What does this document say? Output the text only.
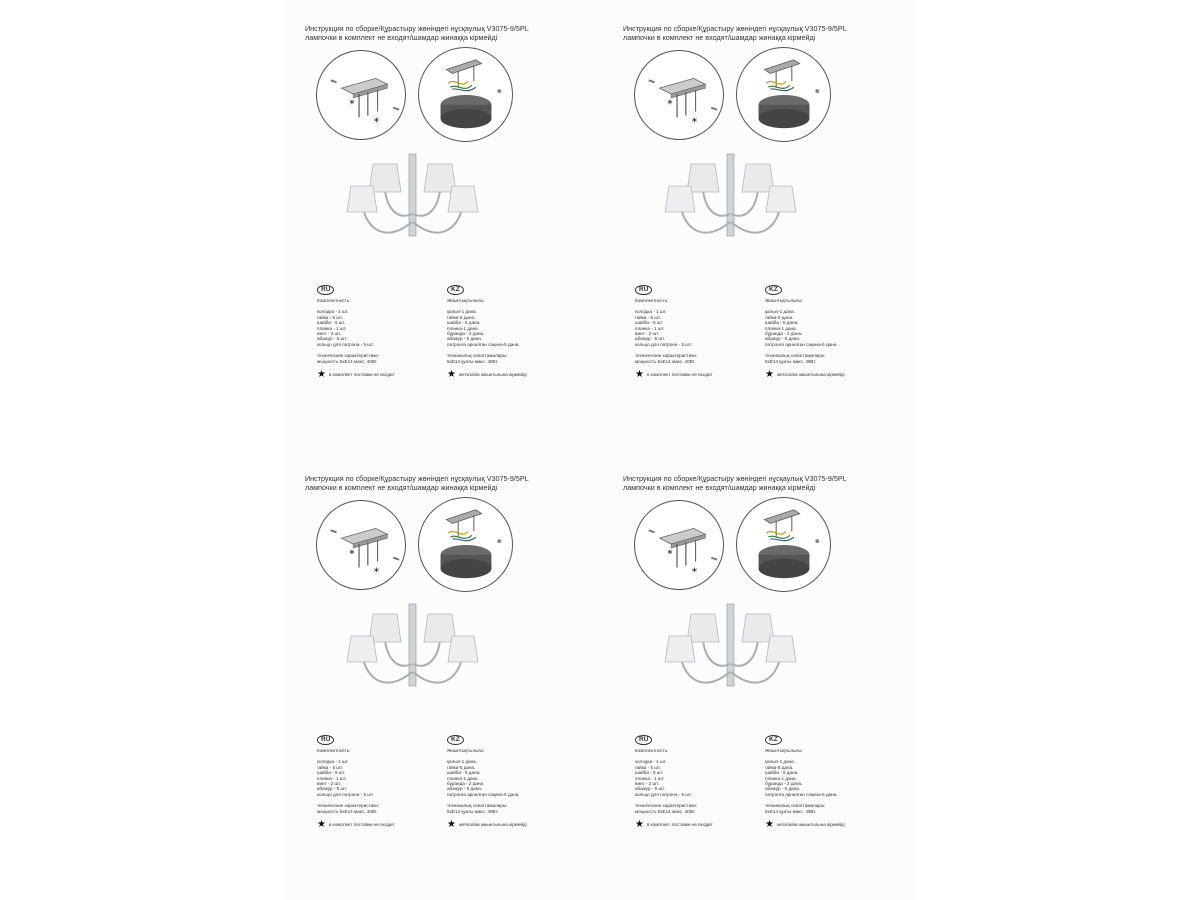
Инструкция по сборке/Құрастыру жөніндегі нұсқаулық V3075-9/5PL
лампочки в комплект не входят/шамдар жинаққа кірмейді
*
*
RU
Комплектность:
колодка - 1 шт.
гайка - 5 шт.
шайба - 5 шт.
планка - 1 шт.
винт - 2 шт.
абажур - 5 шт.
кольцо для патрона - 5 шт.
технические характеристики:
мощность 5хЕ14 макс. 40Вт.
★ в комплект поставки не входит
KZ
Жиынтықтылығы:
қалып-1 дана.
гайка-5 дана.
шайба - 5 дана.
планка-1 дана.
бұранда - 2 дана.
абажур - 5 дана.
патронға арналған сақина-5 дана.
техникалық сипаттамалары:
5хЕ14 қуаты макс. 40Вт.
★ жеткізілім жиынтығына кірмейді
Инструкция по сборке/Құрастыру жөніндегі нұсқаулық V3075-9/5PL
лампочки в комплект не входят/шамдар жинаққа кірмейді
*
*
RU
Комплектность:
колодка - 1 шт.
гайка - 5 шт.
шайба - 5 шт.
планка - 1 шт.
винт - 2 шт.
абажур - 5 шт.
кольцо для патрона - 5 шт.
технические характеристики:
мощность 5хЕ14 макс. 40Вт.
★ в комплект поставки не входит
KZ
Жиынтықтылығы:
қалып-1 дана.
гайка-5 дана.
шайба - 5 дана.
планка-1 дана.
бұранда - 2 дана.
абажур - 5 дана.
патронға арналған сақина-5 дана.
техникалық сипаттамалары:
5хЕ14 қуаты макс. 40Вт.
★ жеткізілім жиынтығына кірмейді
Инструкция по сборке/Құрастыру жөніндегі нұсқаулық V3075-9/5PL
лампочки в комплект не входят/шамдар жинаққа кірмейді
*
*
RU
Комплектность:
колодка - 1 шт.
гайка - 5 шт.
шайба - 5 шт.
планка - 1 шт.
винт - 2 шт.
абажур - 5 шт.
кольцо для патрона - 5 шт.
технические характеристики:
мощность 5хЕ14 макс. 40Вт.
★ в комплект поставки не входит
KZ
Жиынтықтылығы:
қалып-1 дана.
гайка-5 дана.
шайба - 5 дана.
планка-1 дана.
бұранда - 2 дана.
абажур - 5 дана.
патронға арналған сақина-5 дана.
техникалық сипаттамалары:
5хЕ14 қуаты макс. 40Вт.
★ жеткізілім жиынтығына кірмейді
Инструкция по сборке/Құрастыру жөніндегі нұсқаулық V3075-9/5PL
лампочки в комплект не входят/шамдар жинаққа кірмейді
*
*
RU
Комплектность:
колодка - 1 шт.
гайка - 5 шт.
шайба - 5 шт.
планка - 1 шт.
винт - 2 шт.
абажур - 5 шт.
кольцо для патрона - 5 шт.
технические характеристики:
мощность 5хЕ14 макс. 40Вт.
★ в комплект поставки не входит
KZ
Жиынтықтылығы:
қалып-1 дана.
гайка-5 дана.
шайба - 5 дана.
планка-1 дана.
бұранда - 2 дана.
абажур - 5 дана.
патронға арналған сақина-5 дана.
техникалық сипаттамалары:
5хЕ14 қуаты макс. 40Вт.
★ жеткізілім жиынтығына кірмейді
